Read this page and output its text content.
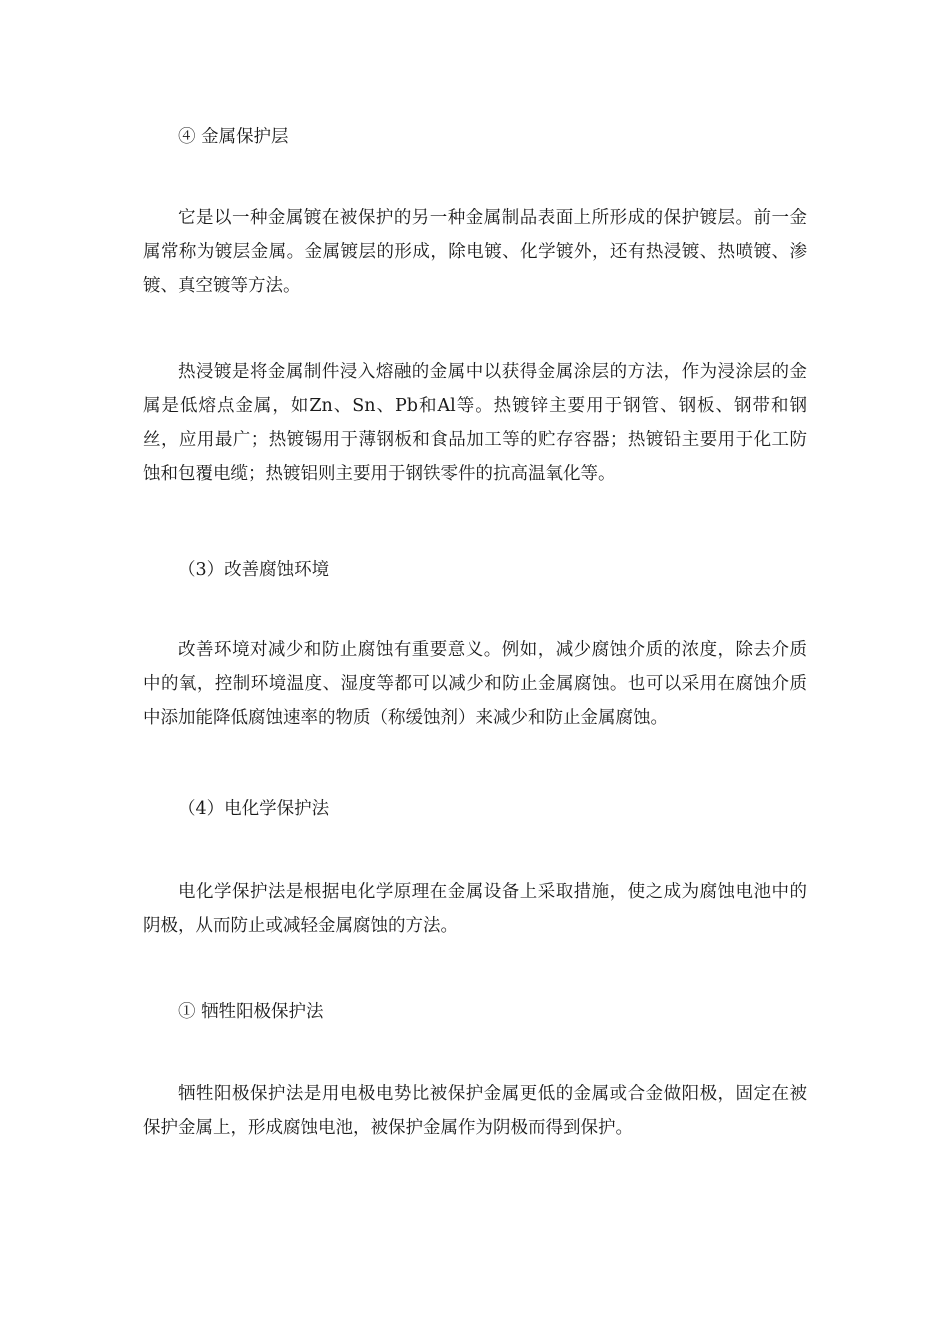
④ 金属保护层

它是以一种金属镀在被保护的另一种金属制品表面上所形成的保护镀层。前一金属常称为镀层金属。金属镀层的形成，除电镀、化学镀外，还有热浸镀、热喷镀、渗镀、真空镀等方法。

热浸镀是将金属制件浸入熔融的金属中以获得金属涂层的方法，作为浸涂层的金属是低熔点金属，如Zn、Sn、Pb和Al等。热镀锌主要用于钢管、钢板、钢带和钢丝，应用最广；热镀锡用于薄钢板和食品加工等的贮存容器；热镀铅主要用于化工防蚀和包覆电缆；热镀铝则主要用于钢铁零件的抗高温氧化等。

（3）改善腐蚀环境

改善环境对减少和防止腐蚀有重要意义。例如，减少腐蚀介质的浓度，除去介质中的氧，控制环境温度、湿度等都可以减少和防止金属腐蚀。也可以采用在腐蚀介质中添加能降低腐蚀速率的物质（称缓蚀剂）来减少和防止金属腐蚀。

（4）电化学保护法

电化学保护法是根据电化学原理在金属设备上采取措施，使之成为腐蚀电池中的阴极，从而防止或减轻金属腐蚀的方法。

① 牺牲阳极保护法

牺牲阳极保护法是用电极电势比被保护金属更低的金属或合金做阳极，固定在被保护金属上，形成腐蚀电池，被保护金属作为阴极而得到保护。
